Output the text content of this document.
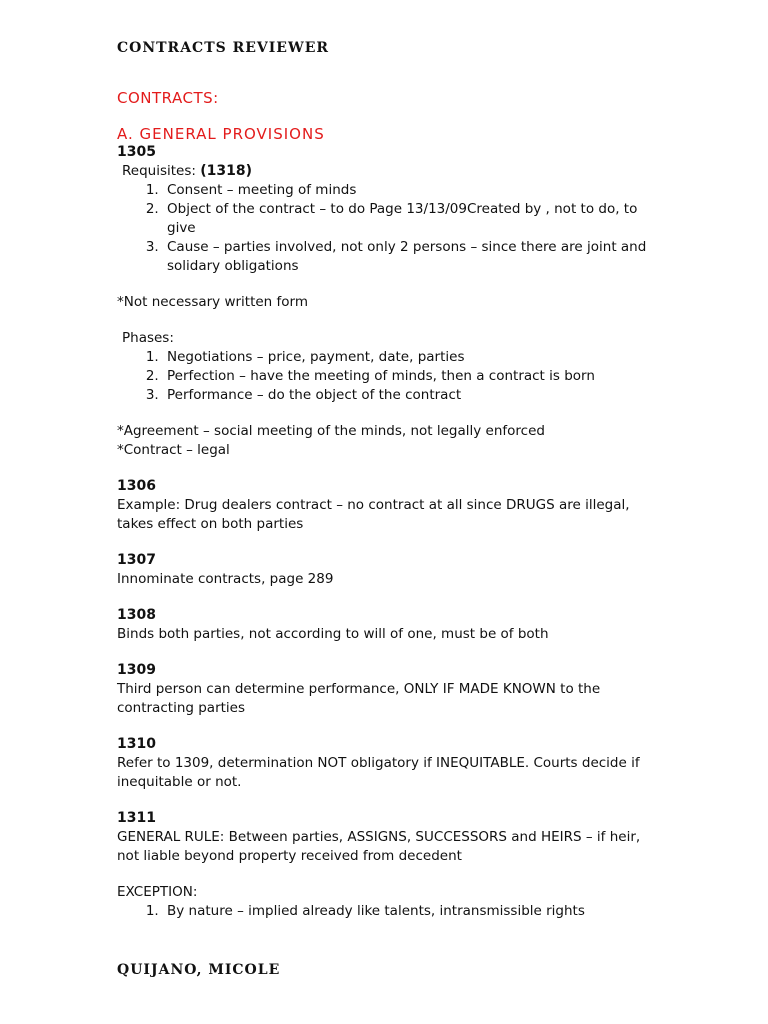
CONTRACTS REVIEWER
CONTRACTS:
A. GENERAL PROVISIONS
1305
Requisites: (1318)
1. Consent – meeting of minds
2. Object of the contract – to do Page 13/13/09Created by , not to do, to give
3. Cause – parties involved, not only 2 persons – since there are joint and solidary obligations
*Not necessary written form
Phases:
1. Negotiations – price, payment, date, parties
2. Perfection – have the meeting of minds, then a contract is born
3. Performance – do the object of the contract
*Agreement – social meeting of the minds, not legally enforced
*Contract – legal
1306
Example: Drug dealers contract – no contract at all since DRUGS are illegal, takes effect on both parties
1307
Innominate contracts, page 289
1308
Binds both parties, not according to will of one, must be of both
1309
Third person can determine performance, ONLY IF MADE KNOWN to the contracting parties
1310
Refer to 1309, determination NOT obligatory if INEQUITABLE. Courts decide if inequitable or not.
1311
GENERAL RULE: Between parties, ASSIGNS, SUCCESSORS and HEIRS – if heir, not liable beyond property received from decedent
EXCEPTION:
1. By nature – implied already like talents, intransmissible rights
QUIJANO, MICOLE
